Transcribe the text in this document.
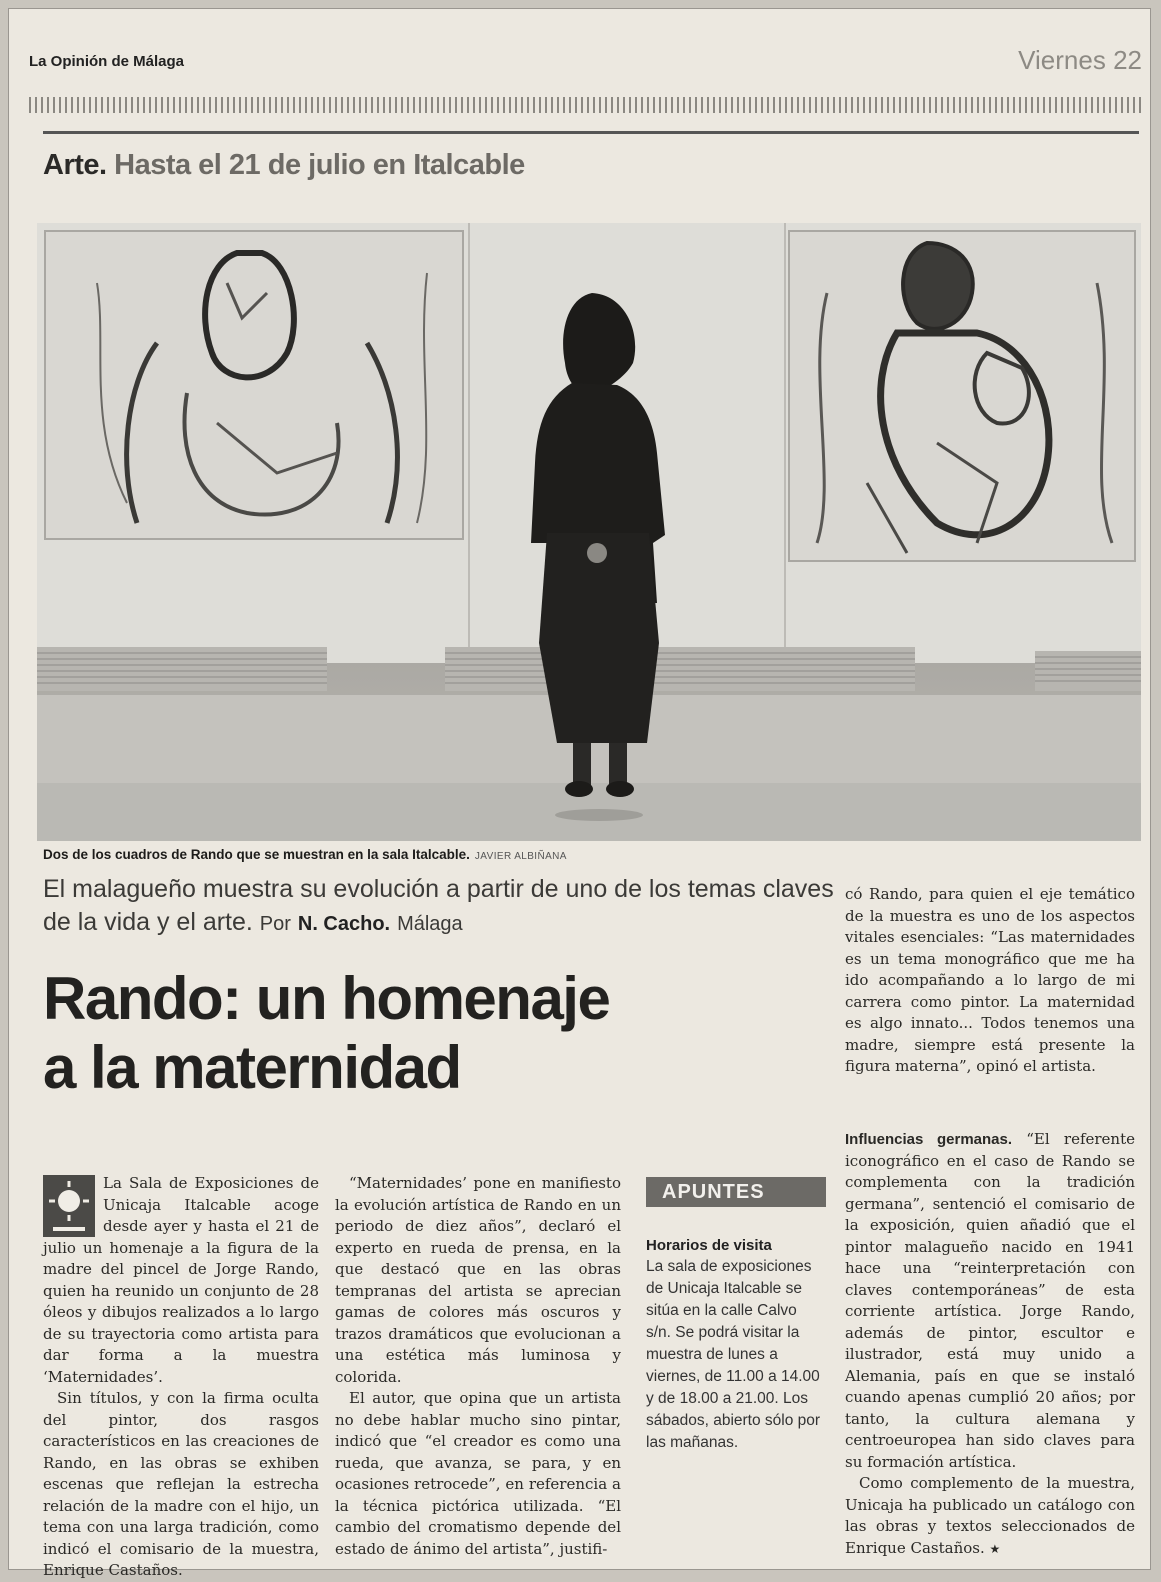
La Opinión de Málaga	Viernes 22
Arte. Hasta el 21 de julio en Italcable
Dos de los cuadros de Rando que se muestran en la sala Italcable. JAVIER ALBIÑANA
El malagueño muestra su evolución a partir de uno de los temas claves de la vida y el arte. Por N. Cacho. Málaga
Rando: un homenaje
a la maternidad

La Sala de Exposiciones de Unicaja Italcable acoge desde ayer y hasta el 21 de julio un homenaje a la figura de la madre del pincel de Jorge Rando, quien ha reunido un conjunto de 28 óleos y dibujos realizados a lo largo de su trayectoria como artista para dar forma a la muestra ‘Maternidades’.

Sin títulos, y con la firma oculta del pintor, dos rasgos característicos en las creaciones de Rando, en las obras se exhiben escenas que reflejan la estrecha relación de la madre con el hijo, un tema con una larga tradición, como indicó el comisario de la muestra, Enrique Castaños.

“Maternidades’ pone en manifiesto la evolución artística de Rando en un periodo de diez años”, declaró el experto en rueda de prensa, en la que destacó que en las obras tempranas del artista se aprecian gamas de colores más oscuros y trazos dramáticos que evolucionan a una estética más luminosa y colorida.

El autor, que opina que un artista no debe hablar mucho sino pintar, indicó que “el creador es como una rueda, que avanza, se para, y en ocasiones retrocede”, en referencia a la técnica pictórica utilizada. “El cambio del cromatismo depende del estado de ánimo del artista”, justifi-

APUNTES
Horarios de visita
La sala de exposiciones de Unicaja Italcable se sitúa en la calle Calvo s/n. Se podrá visitar la muestra de lunes a viernes, de 11.00 a 14.00 y de 18.00 a 21.00. Los sábados, abierto sólo por las mañanas.

có Rando, para quien el eje temático de la muestra es uno de los aspectos vitales esenciales: “Las maternidades es un tema monográfico que me ha ido acompañando a lo largo de mi carrera como pintor. La maternidad es algo innato... Todos tenemos una madre, siempre está presente la figura materna”, opinó el artista.

Influencias germanas. “El referente iconográfico en el caso de Rando se complementa con la tradición germana”, sentenció el comisario de la exposición, quien añadió que el pintor malagueño nacido en 1941 hace una “reinterpretación con claves contemporáneas” de esta corriente artística. Jorge Rando, además de pintor, escultor e ilustrador, está muy unido a Alemania, país en que se instaló cuando apenas cumplió 20 años; por tanto, la cultura alemana y centroeuropea han sido claves para su formación artística.

Como complemento de la muestra, Unicaja ha publicado un catálogo con las obras y textos seleccionados de Enrique Castaños. ★
